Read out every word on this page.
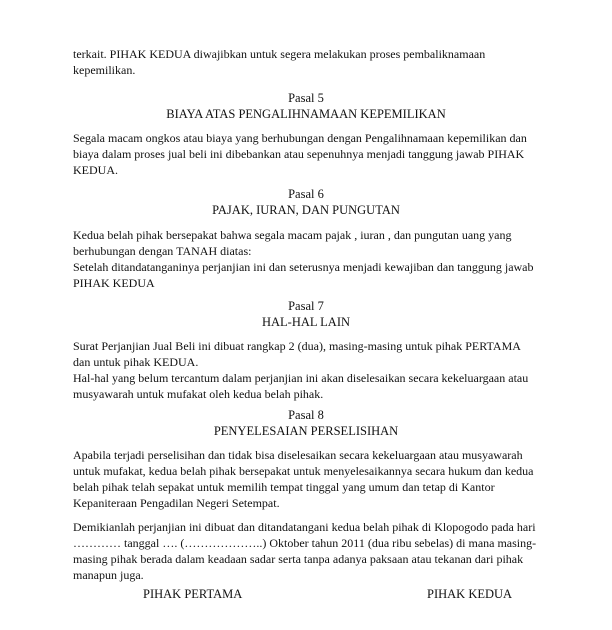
terkait. PIHAK KEDUA diwajibkan untuk segera melakukan proses pembaliknamaan
kepemilikan.
Pasal 5
BIAYA ATAS PENGALIHNAMAAN KEPEMILIKAN
Segala macam ongkos atau biaya yang berhubungan dengan Pengalihnamaan kepemilikan dan
biaya dalam proses jual beli ini dibebankan atau sepenuhnya menjadi tanggung jawab PIHAK
KEDUA.
Pasal 6
PAJAK, IURAN, DAN PUNGUTAN
Kedua belah pihak bersepakat bahwa segala macam pajak , iuran , dan pungutan uang yang
berhubungan dengan TANAH diatas:
Setelah ditandatanganinya perjanjian ini dan seterusnya menjadi kewajiban dan tanggung jawab
PIHAK KEDUA
Pasal 7
HAL-HAL LAIN
Surat Perjanjian Jual Beli ini dibuat rangkap 2 (dua), masing-masing untuk pihak PERTAMA
dan untuk pihak KEDUA.
Hal-hal yang belum tercantum dalam perjanjian ini akan diselesaikan secara kekeluargaan atau
musyawarah untuk mufakat oleh kedua belah pihak.
Pasal 8
PENYELESAIAN PERSELISIHAN
Apabila terjadi perselisihan dan tidak bisa diselesaikan secara kekeluargaan atau musyawarah
untuk mufakat, kedua belah pihak bersepakat untuk menyelesaikannya secara hukum dan kedua
belah pihak telah sepakat untuk memilih tempat tinggal yang umum dan tetap di Kantor
Kepaniteraan Pengadilan Negeri Setempat.
Demikianlah perjanjian ini dibuat dan ditandatangani kedua belah pihak di Klopogodo pada hari
………… tanggal …. (………………..) Oktober tahun 2011 (dua ribu sebelas) di mana masing-
masing pihak berada dalam keadaan sadar serta tanpa adanya paksaan atau tekanan dari pihak
manapun juga.
PIHAK PERTAMA	PIHAK KEDUA
